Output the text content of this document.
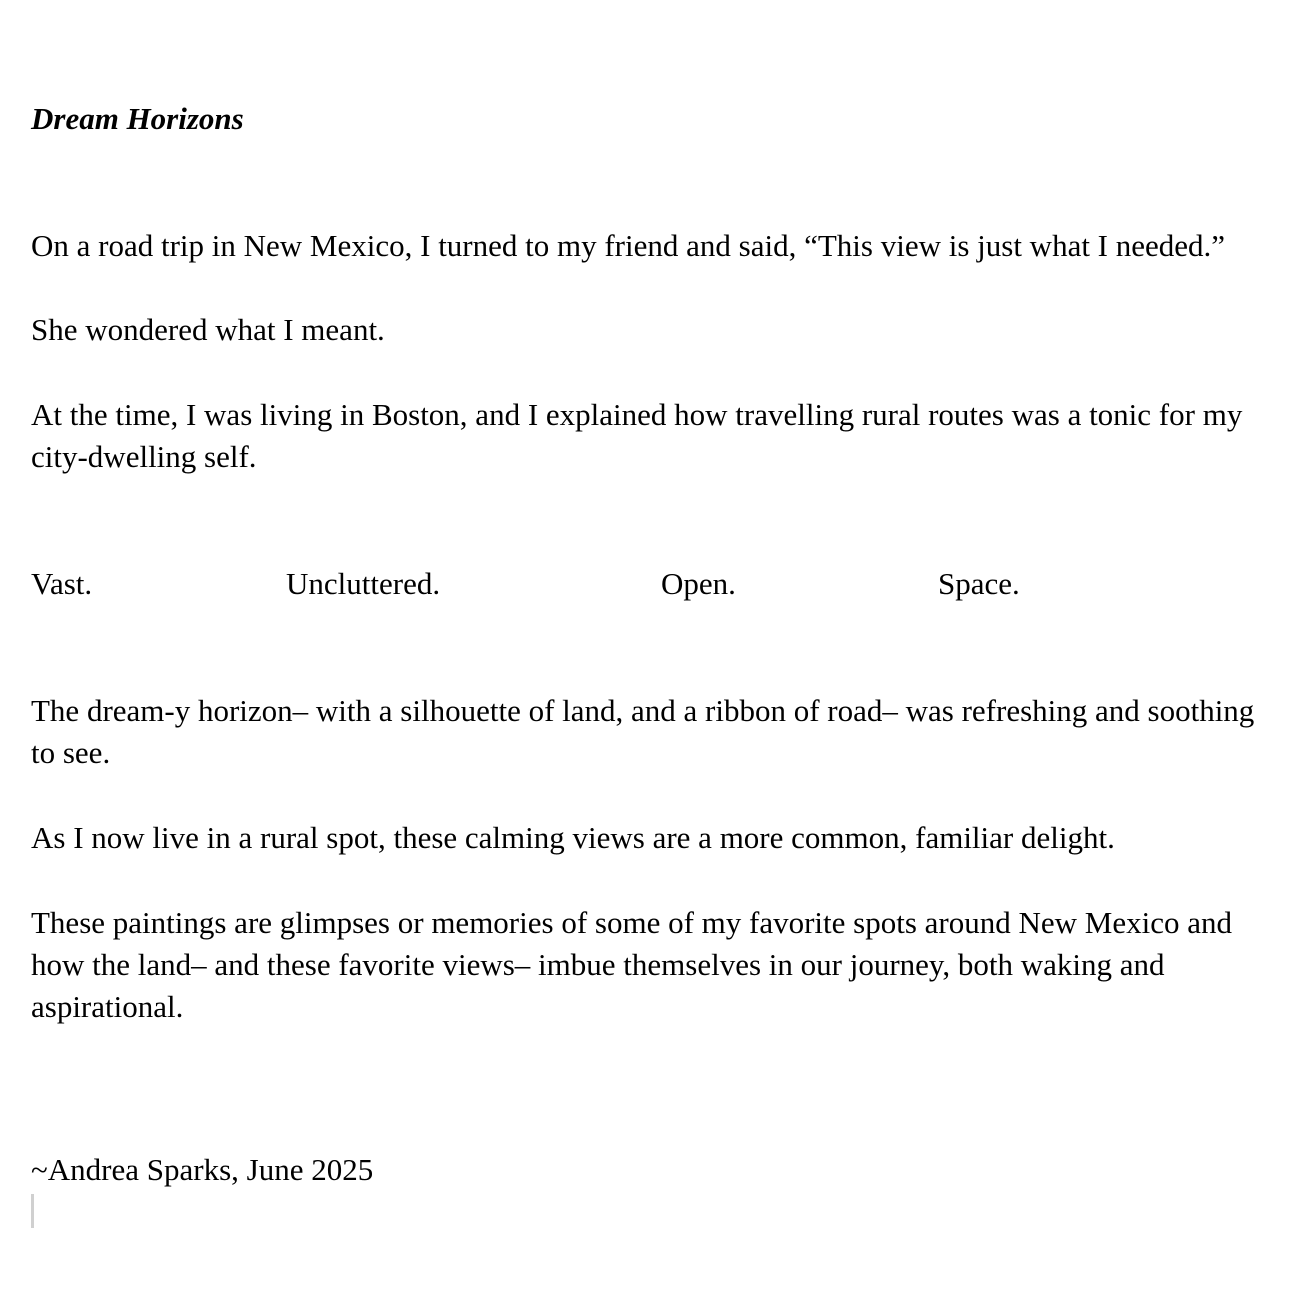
Dream Horizons
On a road trip in New Mexico, I turned to my friend and said, “This view is just what I needed.”
She wondered what I meant.
At the time, I was living in Boston, and I explained how travelling rural routes was a tonic for my city-dwelling self.
Vast.	Uncluttered.	Open.	Space.
The dream-y horizon– with a silhouette of land, and a ribbon of road– was refreshing and soothing to see.
As I now live in a rural spot, these calming views are a more common, familiar delight.
These paintings are glimpses or memories of some of my favorite spots around New Mexico and how the land– and these favorite views– imbue themselves in our journey, both waking and aspirational.
~Andrea Sparks, June 2025
